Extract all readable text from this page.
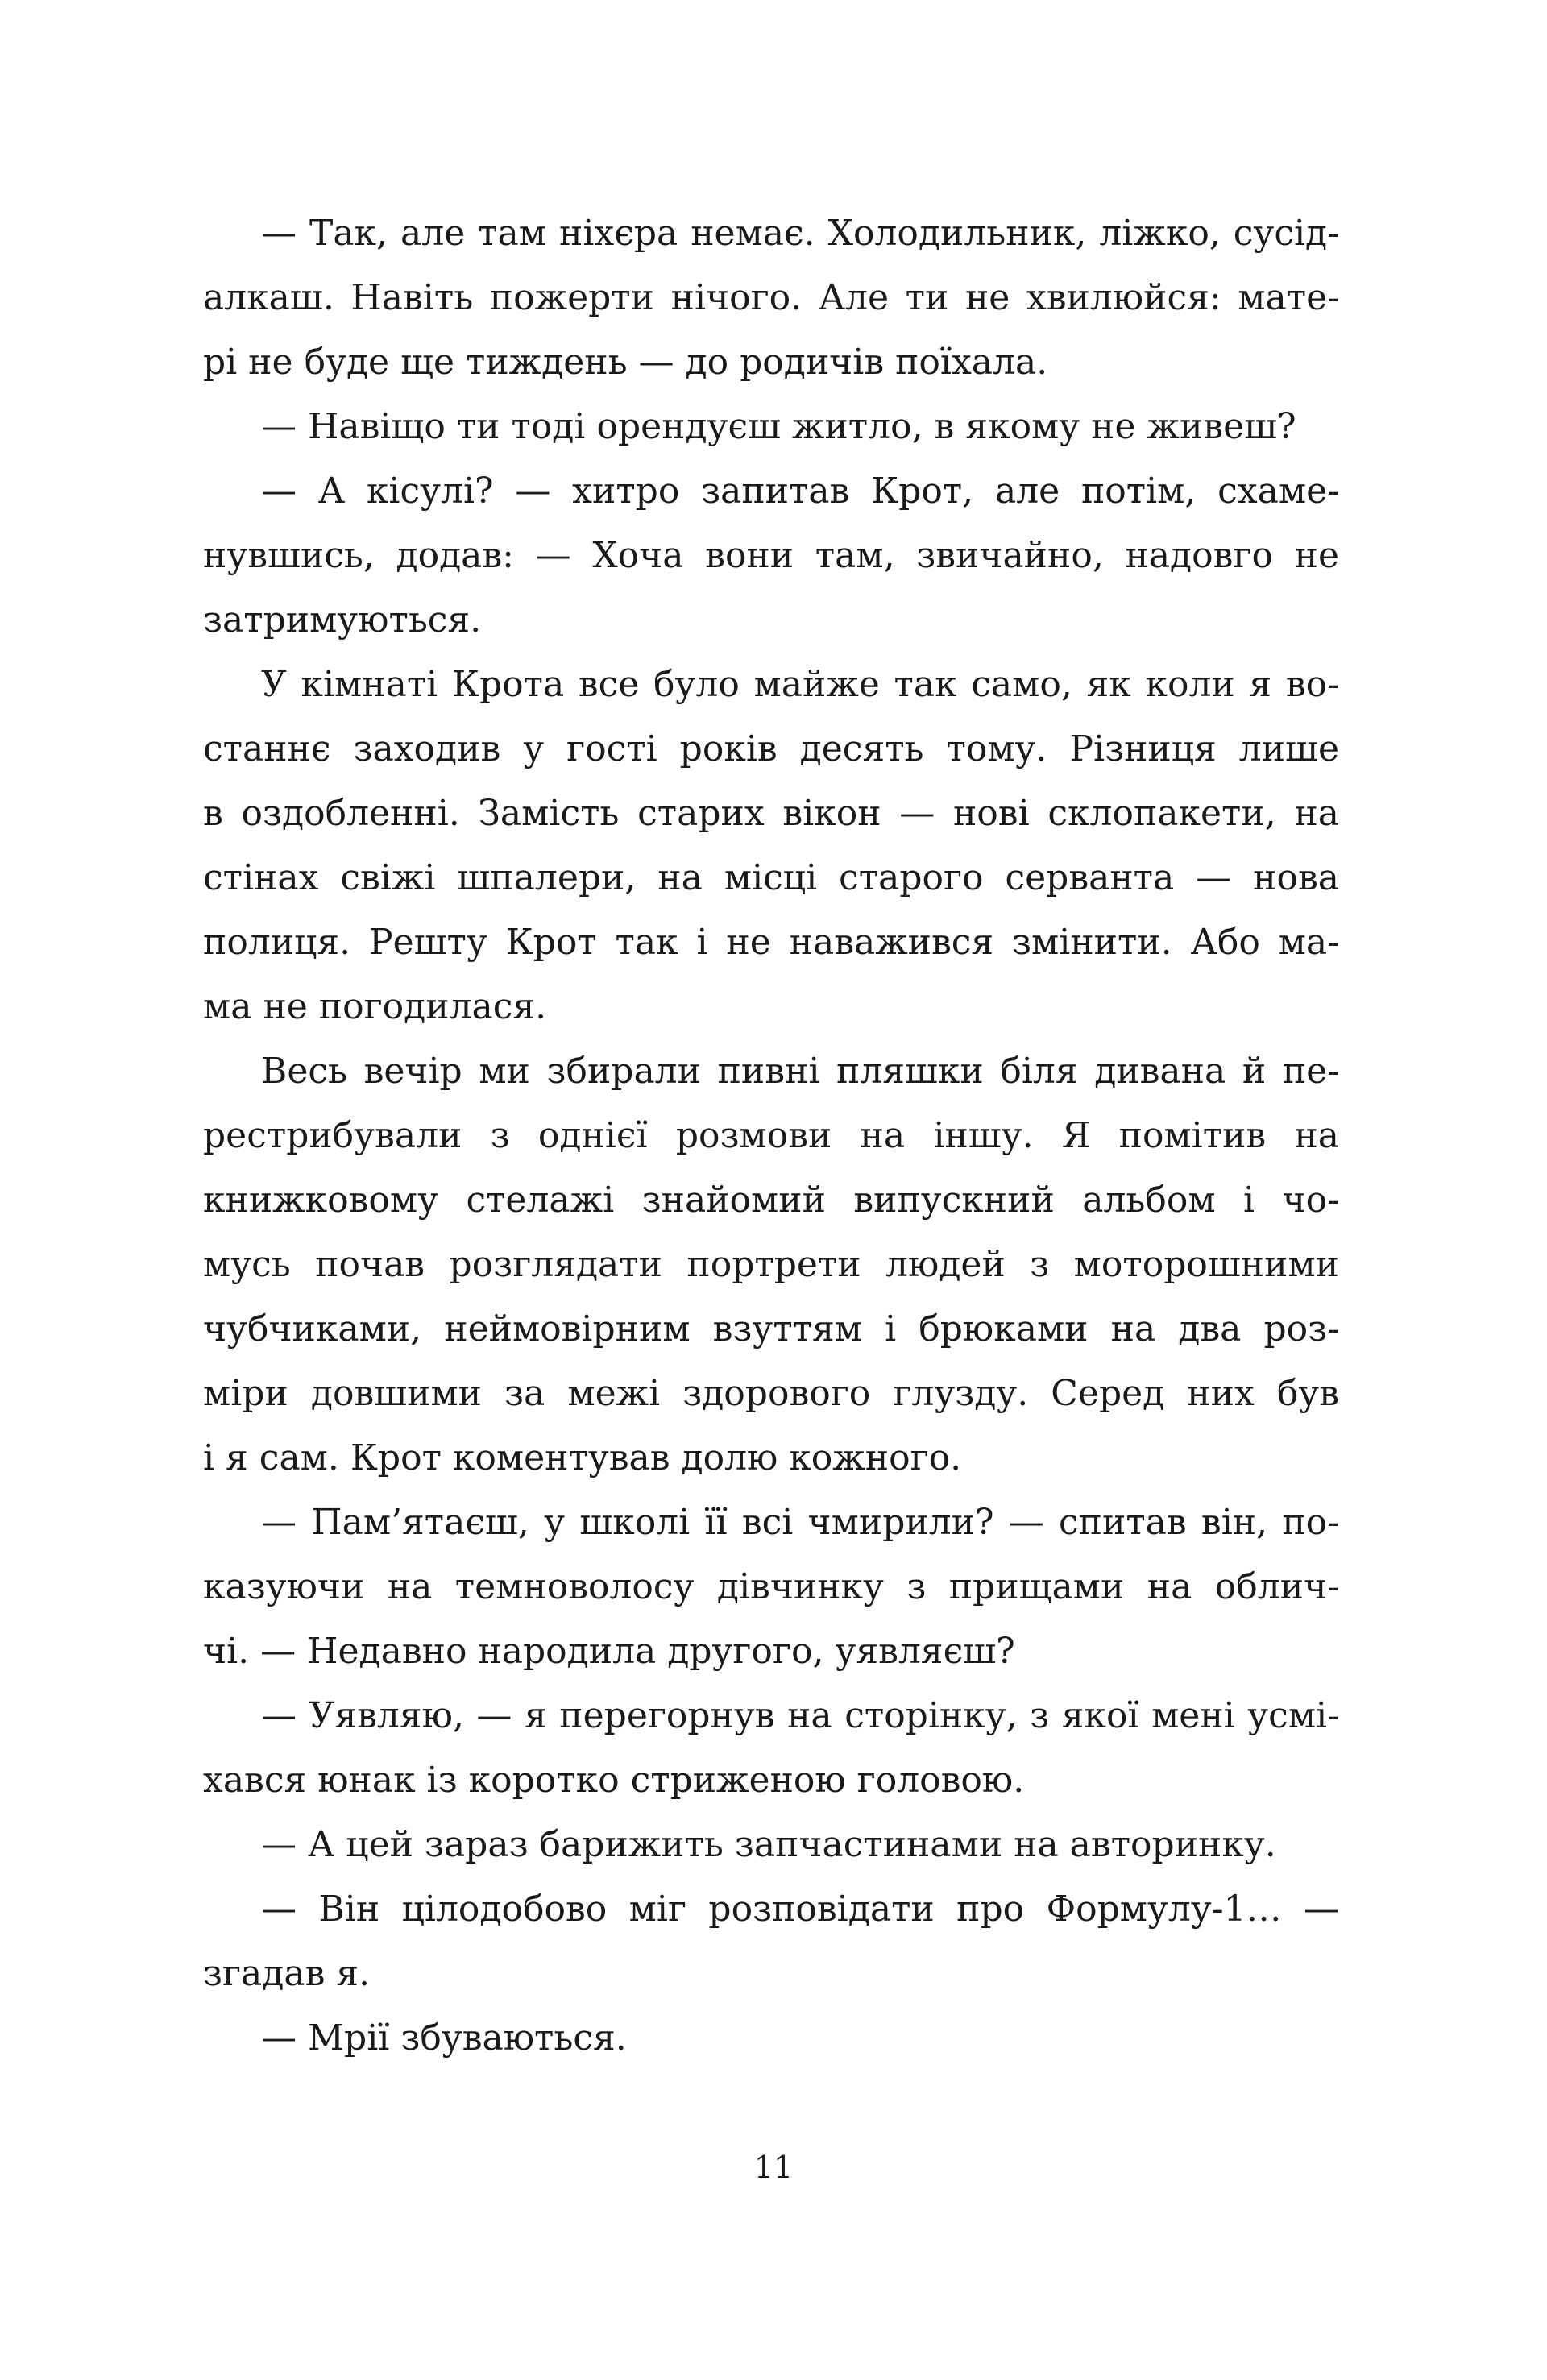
— Так, але там ніхєра немає. Холодильник, ліжко, сусід-
алкаш. Навіть пожерти нічого. Але ти не хвилюйся: мате-
рі не буде ще тиждень — до родичів поїхала.
— Навіщо ти тоді орендуєш житло, в якому не живеш?
— А кісулі? — хитро запитав Крот, але потім, схаме-
нувшись, додав: — Хоча вони там, звичайно, надовго не
затримуються.
У кімнаті Крота все було майже так само, як коли я во-
станнє заходив у гості років десять тому. Різниця лише
в оздобленні. Замість старих вікон — нові склопакети, на
стінах свіжі шпалери, на місці старого серванта — нова
полиця. Решту Крот так і не наважився змінити. Або ма-
ма не погодилася.
Весь вечір ми збирали пивні пляшки біля дивана й пе-
рестрибували з однієї розмови на іншу. Я помітив на
книжковому стелажі знайомий випускний альбом і чо-
мусь почав розглядати портрети людей з моторошними
чубчиками, неймовірним взуттям і брюками на два роз-
міри довшими за межі здорового глузду. Серед них був
і я сам. Крот коментував долю кожного.
— Пам’ятаєш, у школі її всі чмирили? — спитав він, по-
казуючи на темноволосу дівчинку з прищами на облич-
чі. — Недавно народила другого, уявляєш?
— Уявляю, — я перегорнув на сторінку, з якої мені усмі-
хався юнак із коротко стриженою головою.
— А цей зараз барижить запчастинами на авторинку.
— Він цілодобово міг розповідати про Формулу-1… —
згадав я.
— Мрії збуваються.
11
